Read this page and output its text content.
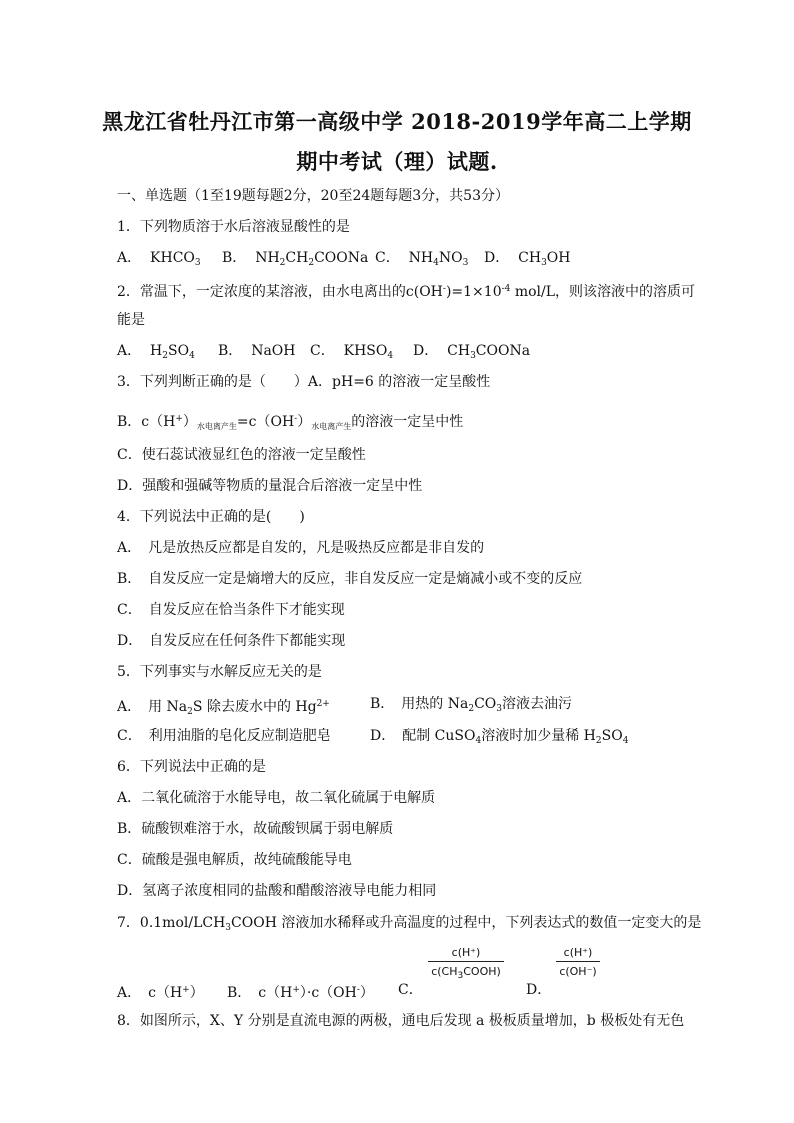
黑龙江省牡丹江市第一高级中学 2018-2019学年高二上学期
期中考试（理）试题.
一、单选题（1至19题每题2分，20至24题每题3分，共53分）
1．下列物质溶于水后溶液显酸性的是
A． $KHCO_3$ B． $NH_2CH_2COONa$ C． $NH_4NO_3$ D． $CH_3OH$
2．常温下，一定浓度的某溶液，由水电离出的$c(OH^-)=1\times 10^{-4}$ mol/L，则该溶液中的溶质可
能是
A． $H_2SO_4$ B． NaOH C． $KHSO_4$ D． $CH_3COONa$
3．下列判断正确的是（　　）A．pH=6 的溶液一定呈酸性
B．$c(H^+)_{水电离产生}=c(OH^-)_{水电离产生}$的溶液一定呈中性
C．使石蕊试液显红色的溶液一定呈酸性
D．强酸和强碱等物质的量混合后溶液一定呈中性
4．下列说法中正确的是(　　)
A．　凡是放热反应都是自发的，凡是吸热反应都是非自发的
B．　自发反应一定是熵增大的反应，非自发反应一定是熵减小或不变的反应
C．　自发反应在恰当条件下才能实现
D．　自发反应在任何条件下都能实现
5．下列事实与水解反应无关的是
A．　用 $Na_2S$ 除去废水中的 $Hg^{2+}$	B．　用热的 $Na_2CO_3$溶液去油污
C．　利用油脂的皂化反应制造肥皂	D．　配制 CuSO$_4$溶液时加少量稀 $H_2SO_4$
6．下列说法中正确的是
A．二氧化硫溶于水能导电，故二氧化硫属于电解质
B．硫酸钡难溶于水，故硫酸钡属于弱电解质
C．硫酸是强电解质，故纯硫酸能导电
D．氢离子浓度相同的盐酸和醋酸溶液导电能力相同
7．$0.1mol/LCH_3COOH$ 溶液加水稀释或升高温度的过程中，下列表达式的数值一定变大的是
A．　c（H+） B．　c（H+）·c（OH-） C．
c(H⁺)
$c(CH_3COOH)$
D．
c(H⁺)
c(OH⁻)
8．如图所示，X、Y 分别是直流电源的两极，通电后发现 a 极板质量增加，b 极板处有无色
